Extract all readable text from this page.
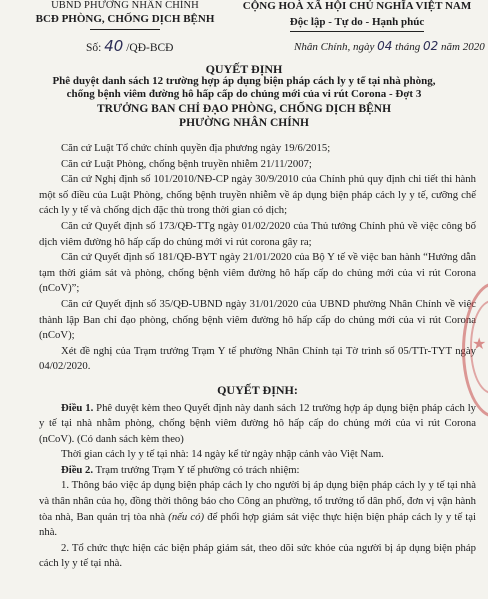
UBND PHƯỜNG NHÂN CHÍNH
BCĐ PHÒNG, CHỐNG DỊCH BỆNH
CỘNG HOÀ XÃ HỘI CHỦ NGHĨA VIỆT NAM
Độc lập - Tự do - Hạnh phúc
Số: 40 /QĐ-BCĐ	Nhân Chính, ngày 04 tháng 02 năm 2020
QUYẾT ĐỊNH
Phê duyệt danh sách 12 trường hợp áp dụng biện pháp cách ly y tế tại nhà phòng,
chống bệnh viêm đường hô hấp cấp do chủng mới của vi rút Corona - Đợt 3
TRƯỞNG BAN CHỈ ĐẠO PHÒNG, CHỐNG DỊCH BỆNH
PHƯỜNG NHÂN CHÍNH

Căn cứ Luật Tổ chức chính quyền địa phương ngày 19/6/2015;

Căn cứ Luật Phòng, chống bệnh truyền nhiễm 21/11/2007;

Căn cứ Nghị định số 101/2010/NĐ-CP ngày 30/9/2010 của Chính phủ quy định chi tiết thi hành một số điều của Luật Phòng, chống bệnh truyền nhiễm về áp dụng biện pháp cách ly y tế, cưỡng chế cách ly y tế và chống dịch đặc thù trong thời gian có dịch;

Căn cứ Quyết định số 173/QĐ-TTg ngày 01/02/2020 của Thủ tướng Chính phủ về việc công bố dịch viêm đường hô hấp cấp do chủng mới vi rút corona gây ra;

Căn cứ Quyết định số 181/QĐ-BYT ngày 21/01/2020 của Bộ Y tế về việc ban hành “Hướng dẫn tạm thời giám sát và phòng, chống bệnh viêm đường hô hấp cấp do chủng mới của vi rút Corona (nCoV)”;

Căn cứ Quyết định số 35/QĐ-UBND ngày 31/01/2020 của UBND phường Nhân Chính về việc thành lập Ban chỉ đạo phòng, chống bệnh viêm đường hô hấp cấp do chủng mới của vi rút Corona (nCoV);

Xét đề nghị của Trạm trưởng Trạm Y tế phường Nhân Chính tại Tờ trình số 05/TTr-TYT ngày 04/02/2020.

QUYẾT ĐỊNH:

Điều 1. Phê duyệt kèm theo Quyết định này danh sách 12 trường hợp áp dụng biện pháp cách ly y tế tại nhà nhằm phòng, chống bệnh viêm đường hô hấp cấp do chủng mới của vi rút Corona (nCoV). (Có danh sách kèm theo)

Thời gian cách ly y tế tại nhà: 14 ngày kể từ ngày nhập cảnh vào Việt Nam.

Điều 2. Trạm trưởng Trạm Y tế phường có trách nhiệm:

1. Thông báo việc áp dụng biện pháp cách ly cho người bị áp dụng biện pháp cách ly y tế tại nhà và thân nhân của họ, đồng thời thông báo cho Công an phường, tổ trưởng tổ dân phố, đơn vị vận hành tòa nhà, Ban quản trị tòa nhà (nếu có) để phối hợp giám sát việc thực hiện biện pháp cách ly y tế tại nhà.

2. Tổ chức thực hiện các biện pháp giám sát, theo dõi sức khỏe của người bị áp dụng biện pháp cách ly y tế tại nhà.

★
